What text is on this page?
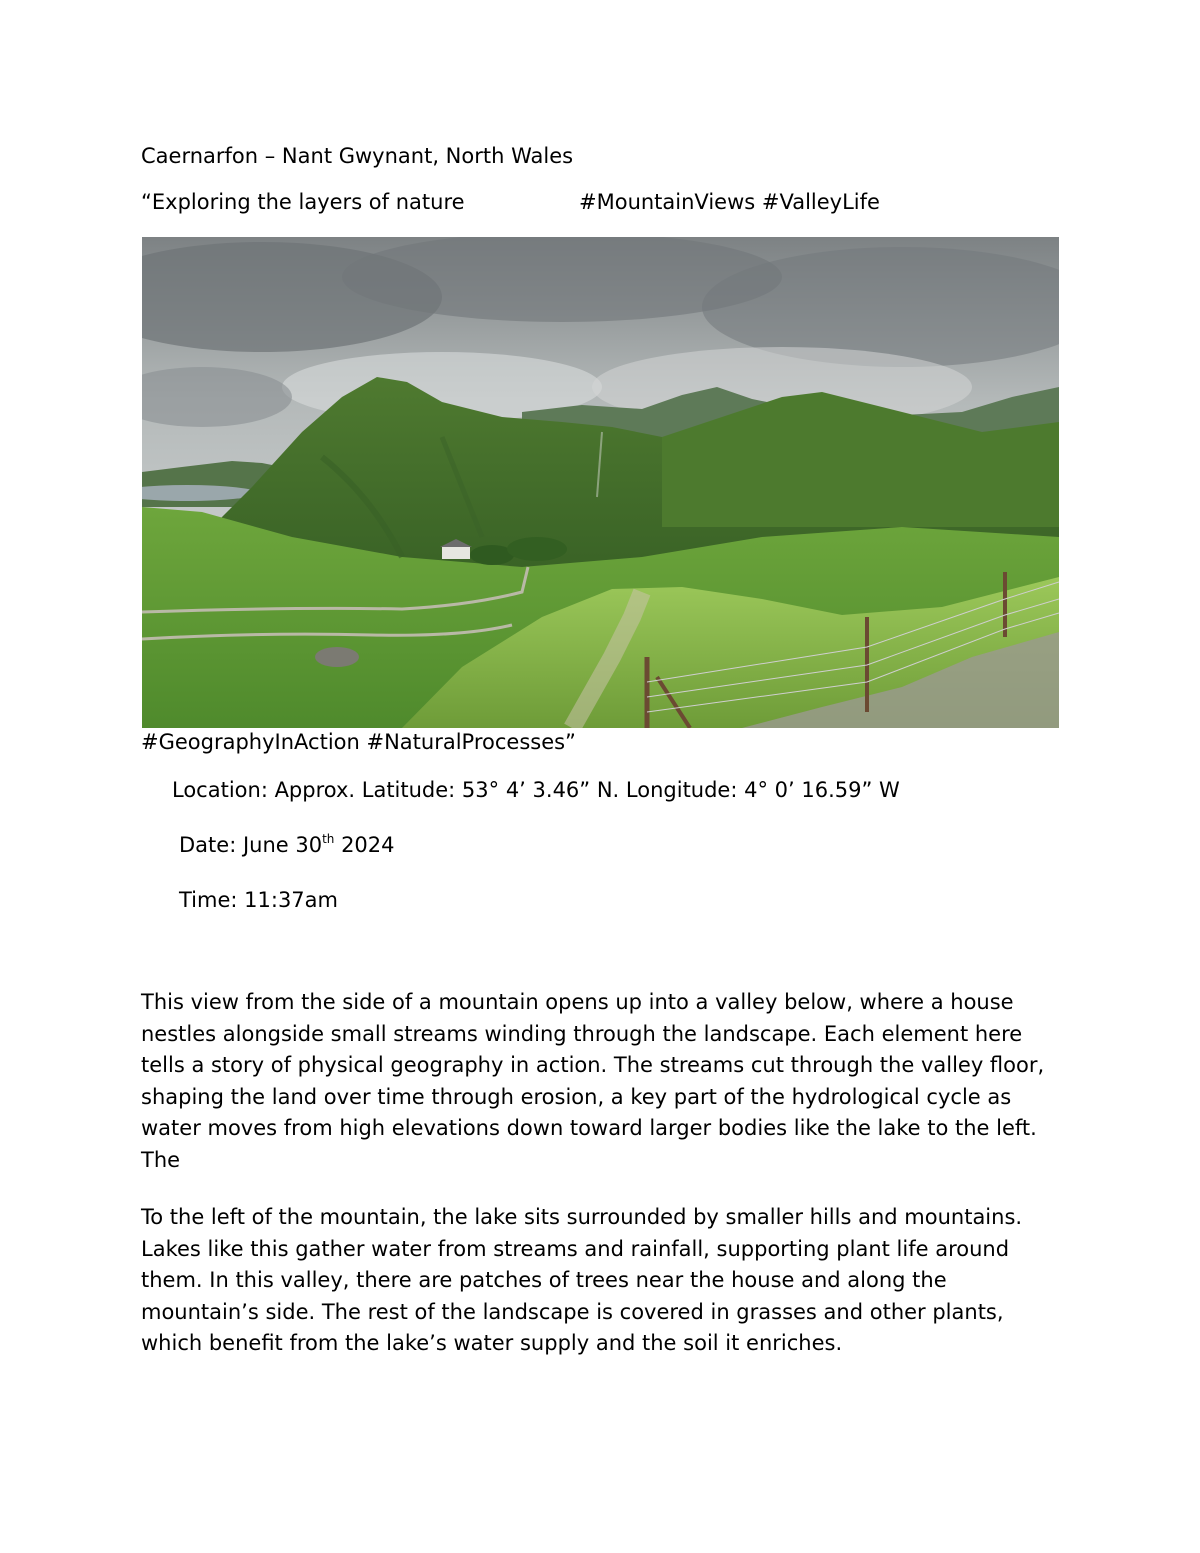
Caernarfon – Nant Gwynant, North Wales
“Exploring the layers of nature	#MountainViews #ValleyLife
#GeographyInAction #NaturalProcesses”
Location: Approx. Latitude: 53° 4’ 3.46” N. Longitude: 4° 0’ 16.59” W
Date: June 30th 2024
Time: 11:37am

This view from the side of a mountain opens up into a valley below, where a house nestles alongside small streams winding through the landscape. Each element here tells a story of physical geography in action. The streams cut through the valley floor, shaping the land over time through erosion, a key part of the hydrological cycle as water moves from high elevations down toward larger bodies like the lake to the left. The

To the left of the mountain, the lake sits surrounded by smaller hills and mountains. Lakes like this gather water from streams and rainfall, supporting plant life around them. In this valley, there are patches of trees near the house and along the mountain’s side. The rest of the landscape is covered in grasses and other plants, which benefit from the lake’s water supply and the soil it enriches.
